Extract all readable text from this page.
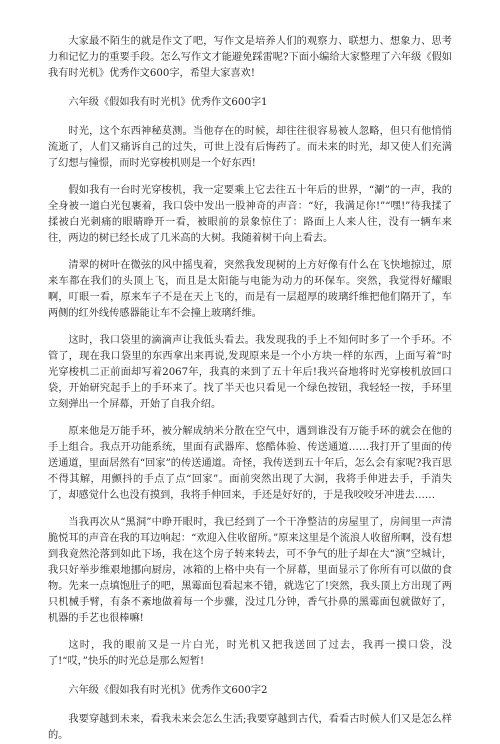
大家最不陌生的就是作文了吧，写作文是培养人们的观察力、联想力、想象力、思考力和记忆力的重要手段。怎么写作文才能避免踩雷呢?下面小编给大家整理了六年级《假如我有时光机》优秀作文600字，希望大家喜欢!

六年级《假如我有时光机》优秀作文600字1

时光，这个东西神秘莫测。当他存在的时候，却往往很容易被人忽略，但只有他悄悄流逝了，人们又痛诉自己的过失，可世上没有后悔药了。而未来的时光，却又使人们充满了幻想与憧憬，而时光穿梭机则是一个好东西!

假如我有一台时光穿梭机，我一定要乘上它去往五十年后的世界，“涮”的一声，我的全身被一道白光包裹着，我口袋中发出一股神奇的声音：“好，我满足你!”“嘿!”待我揉了揉被白光刺痛的眼睛睁开一看，被眼前的景象惊住了：路面上人来人往，没有一辆车来往，两边的树已经长成了几米高的大树。我随着树干向上看去。

清翠的树叶在微弦的风中摇曳着，突然我发现树的上方好像有什么在飞快地掠过，原来车都在我们的头顶上飞，而且是太阳能与电能为动力的环保车。突然，我觉得好耀眼啊，叮眼一看，原来车子不是在天上飞的，而是有一层超厚的玻璃纤维把他们隔开了，车两侧的红外线传感器能让车不会撞上玻璃纤维。

这时，我口袋里的滴滴声让我低头看去。我发现我的手上不知何时多了一个手环。不管了，现在我口袋里的东西拿出来再说,发现原来是一个小方块一样的东西，上面写着“时光穿梭机二正前面却写着2067年，我真的来到了五十年后!我兴奋地将时光穿梭机放回口袋，开始研究起手上的手环来了。找了半天也只看见一个绿色按钮，我轻轻一按，手环里立刻弹出一个屏幕，开始了自我介绍。

原来他是万能手环，被分解成纳米分散在空气中，遇到谁没有万能手环的就会在他的手上组合。我点开功能系统，里面有武器库、悠酷体验、传送通道……我打开了里面的传送通道，里面居然有“回家”的传送通道。奇怪，我传送到五十年后，怎么会有家呢?我百思不得其解，用颤抖的手点了点“回家”。面前突然出现了大洞，我将手伸进去手，手消失了，却感觉什么也没有摸到，我将手伸回来，手还是好好的，于是我咬咬牙冲进去……

当我再次从“黑洞”中睁开眼时，我已经到了一个干净整洁的房屋里了，房间里一声清脆悦耳的声音在我的耳边响起：“欢迎入住收留所。”原来这里是个流浪人收留所啊，没有想到我竟然沦落到如此下场，我在这个房子转来转去，可不争气的肚子却在大“演”空城计，我只好举步维艰地挪向厨房，冰箱的上格中央有一个屏幕，里面显示了你所有可以做的食物。先来一点填饱肚子的吧，黑霉面包看起来不错，就选它了!突然，我头顶上方出现了两只机械手臂，有条不紊地做着每一个步骤，没过几分钟，香气扑鼻的黑霉面包就做好了，机器的手艺也很棒嘛!

这时，我的眼前又是一片白光，时光机又把我送回了过去，我再一摸口袋，没了!“哎，”快乐的时光总是那么短暂!

六年级《假如我有时光机》优秀作文600字2

我要穿越到未来，看我未来会怎么生活;我要穿越到古代，看看古时候人们又是怎么样的。
